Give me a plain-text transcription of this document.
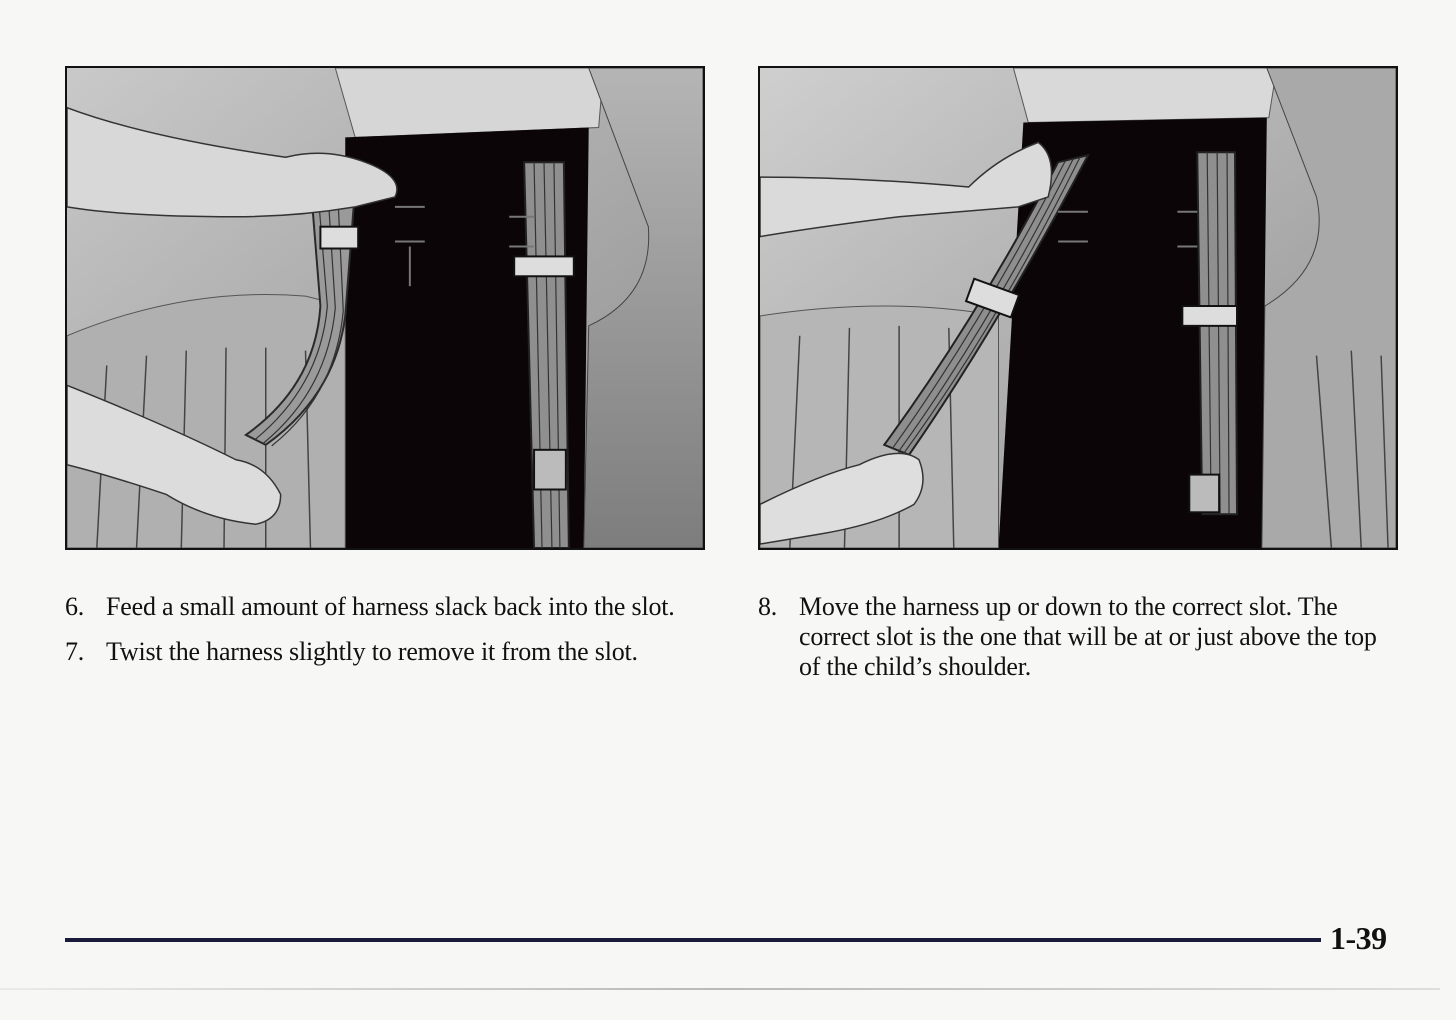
6. Feed a small amount of harness slack back into the slot.
7. Twist the harness slightly to remove it from the slot.
8. Move the harness up or down to the correct slot. The correct slot is the one that will be at or just above the top of the child’s shoulder.
1-39
